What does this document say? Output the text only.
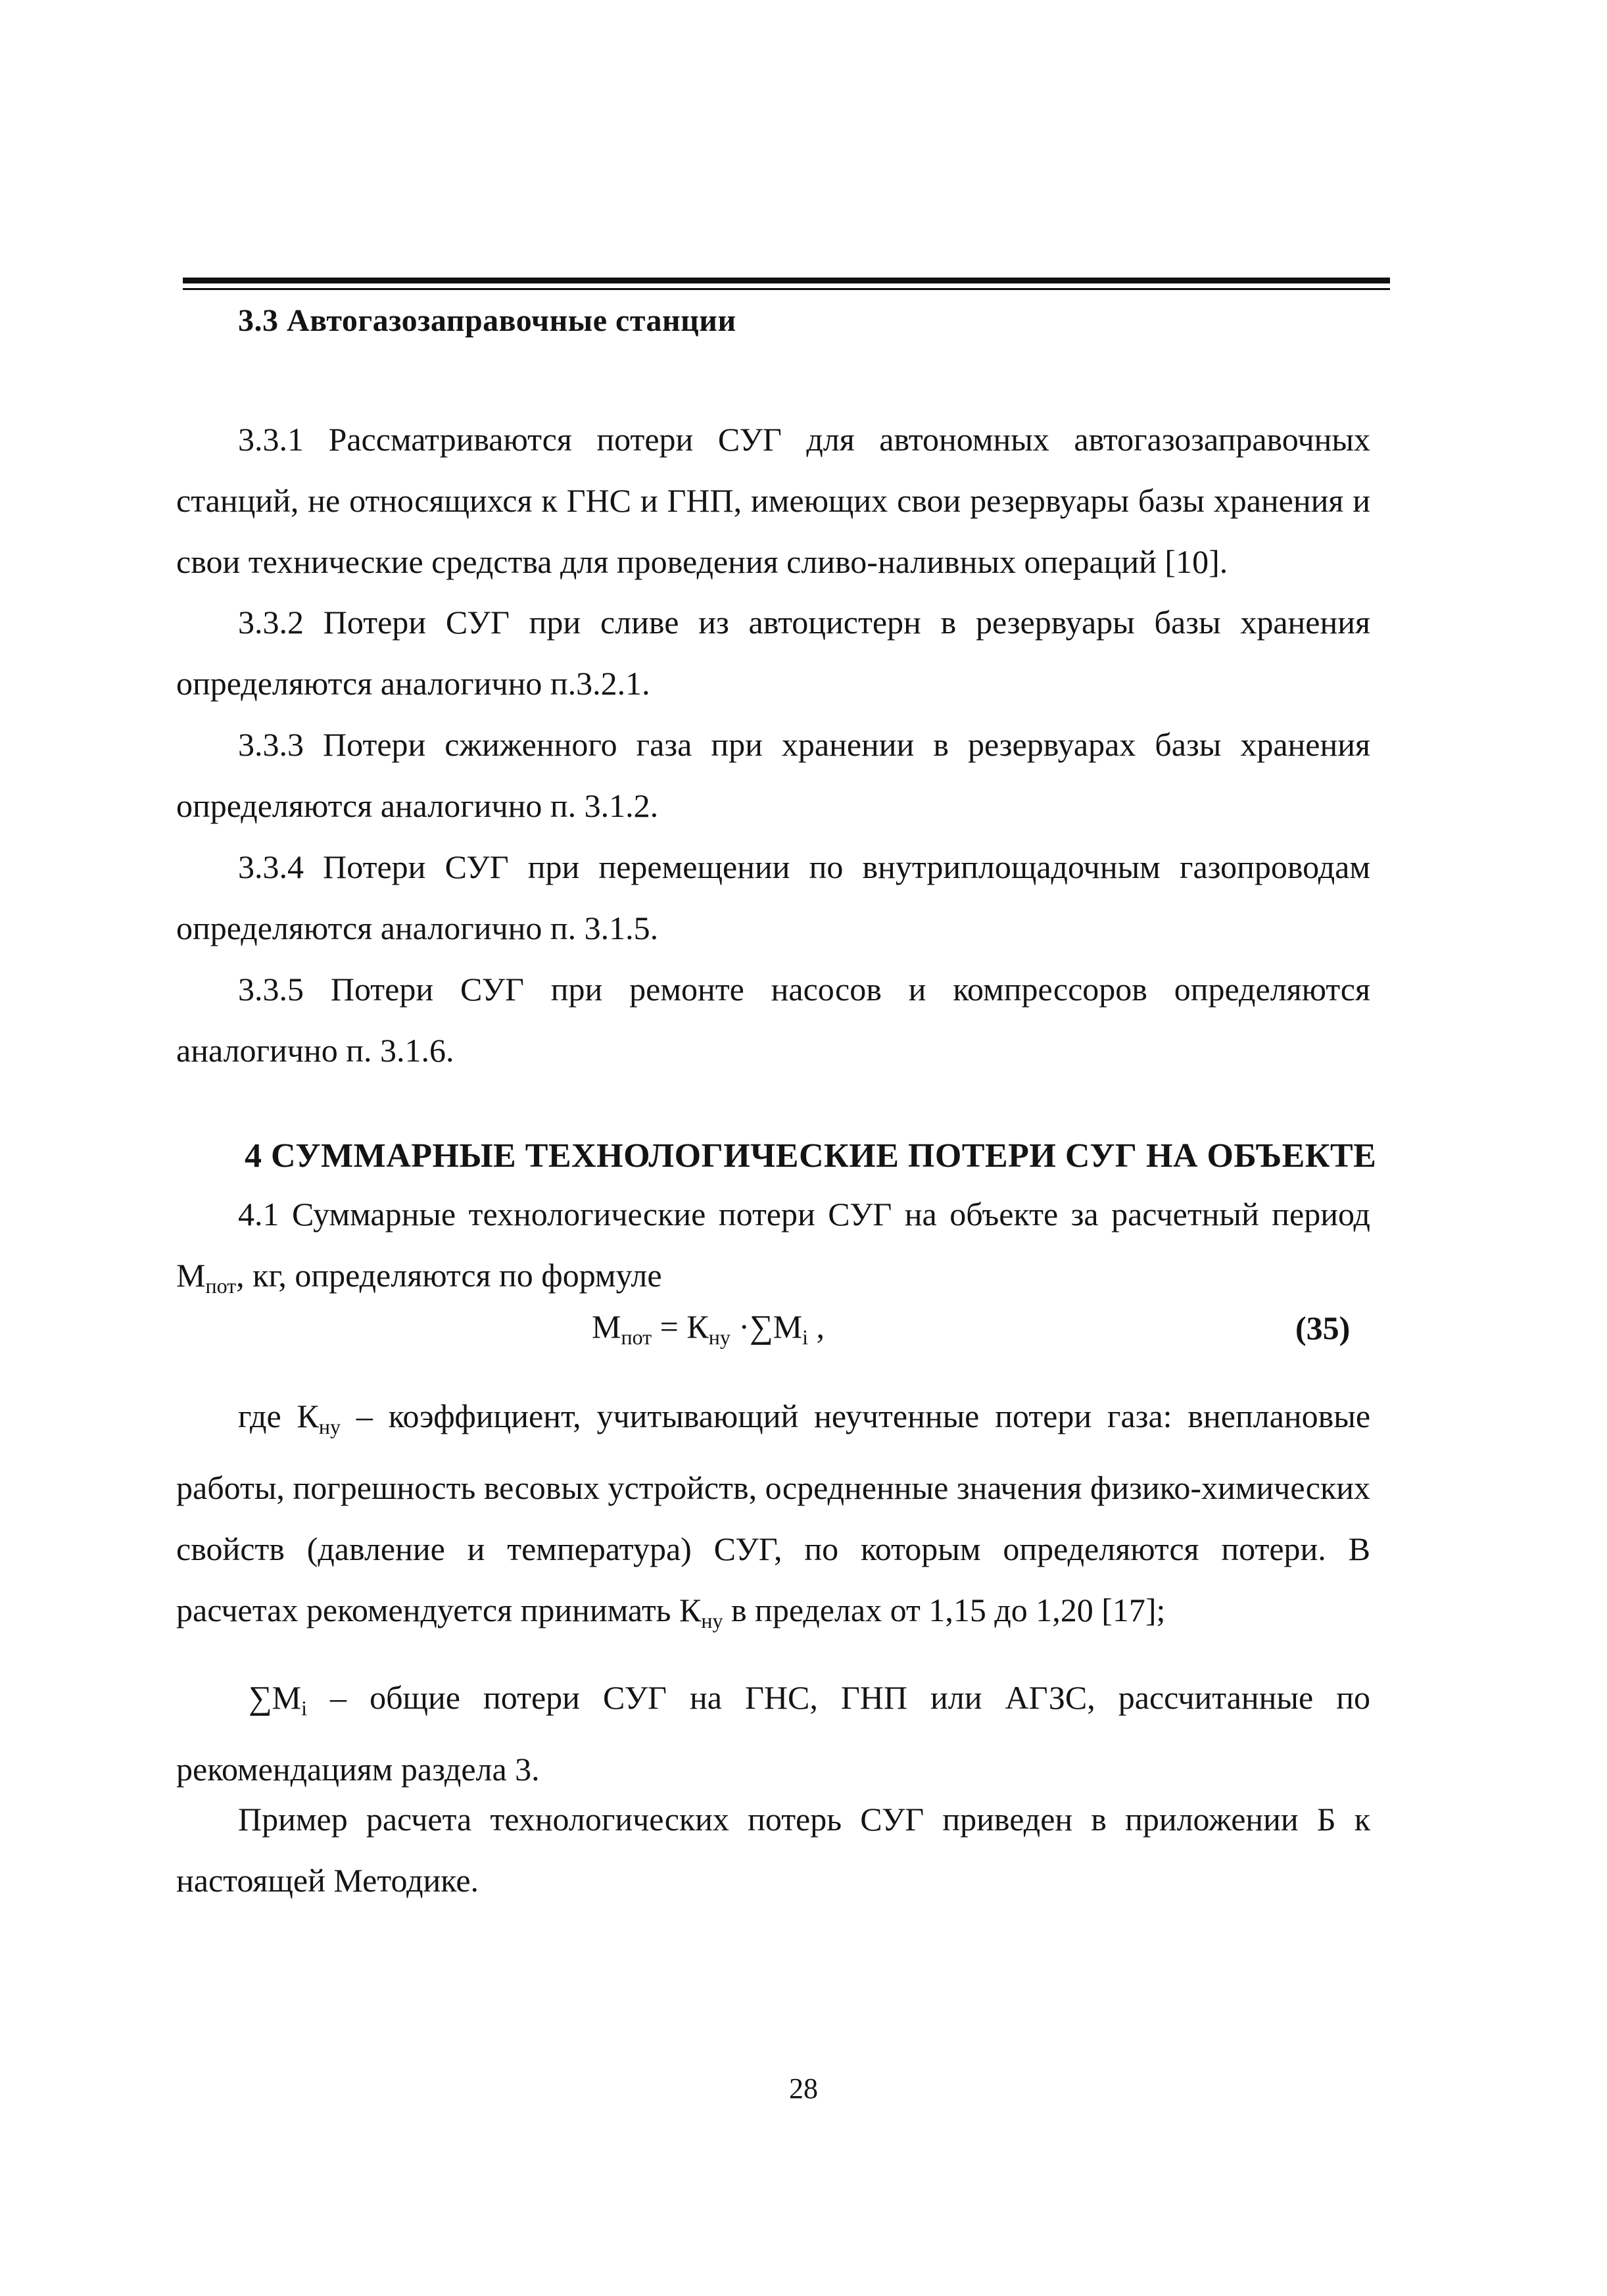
3.3 Автогазозаправочные станции
3.3.1 Рассматриваются потери СУГ для автономных автогазозаправочных станций, не относящихся к ГНС и ГНП, имеющих свои резервуары базы хранения и свои технические средства для проведения сливо-наливных операций [10].
3.3.2 Потери СУГ при сливе из автоцистерн в резервуары базы хранения определяются аналогично п.3.2.1.
3.3.3 Потери сжиженного газа при хранении в резервуарах базы хранения определяются аналогично п. 3.1.2.
3.3.4 Потери СУГ при перемещении по внутриплощадочным газопроводам определяются аналогично п. 3.1.5.
3.3.5 Потери СУГ при ремонте насосов и компрессоров определяются аналогично п. 3.1.6.
4 СУММАРНЫЕ ТЕХНОЛОГИЧЕСКИЕ ПОТЕРИ СУГ НА ОБЪЕКТЕ
4.1 Суммарные технологические потери СУГ на объекте за расчетный период $М_{пот}$, кг, определяются по формуле
$М_{пот} = К_{ну} \cdot\sum М_i$ ,	(35)
где $К_{ну}$ – коэффициент, учитывающий неучтенные потери газа: внеплановые работы, погрешность весовых устройств, осредненные значения физико-химических свойств (давление и температура) СУГ, по которым определяются потери. В расчетах рекомендуется принимать $К_{ну}$ в пределах от 1,15 до 1,20 [17];
$\sum М_i$ – общие потери СУГ на ГНС, ГНП или АГЗС, рассчитанные по рекомендациям раздела 3.
Пример расчета технологических потерь СУГ приведен в приложении Б к настоящей Методике.
28
